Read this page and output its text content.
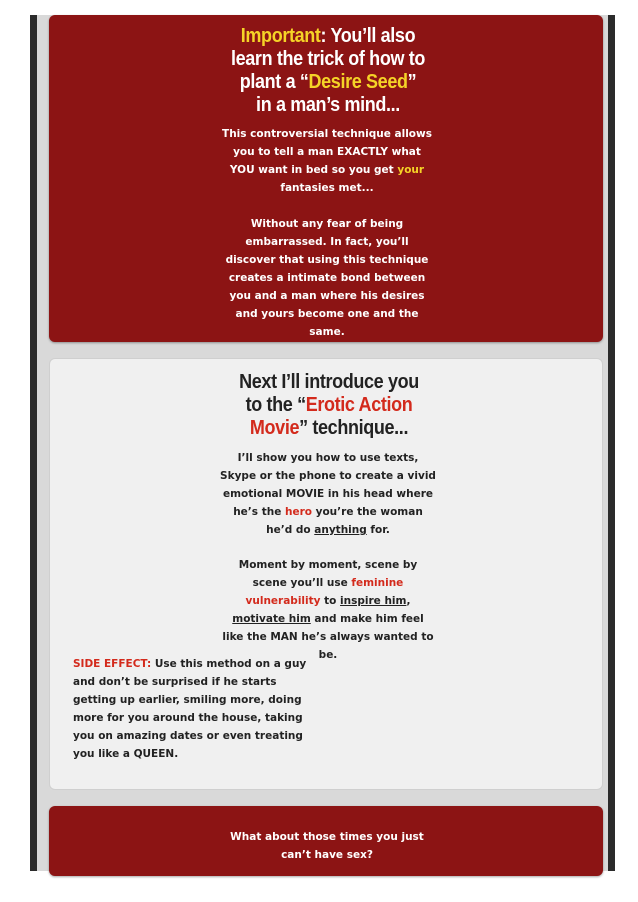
Important: You’ll also learn the trick of how to plant a “Desire Seed” in a man’s mind...

This controversial technique allows you to tell a man EXACTLY what YOU want in bed so you get your fantasies met...

Without any fear of being embarrassed. In fact, you’ll discover that using this technique creates a intimate bond between you and a man where his desires and yours become one and the same.

Next I’ll introduce you to the “Erotic Action Movie” technique...

I’ll show you how to use texts, Skype or the phone to create a vivid emotional MOVIE in his head where he’s the hero you’re the woman he’d do anything for.

Moment by moment, scene by scene you’ll use feminine vulnerability to inspire him, motivate him and make him feel like the MAN he’s always wanted to be.

SIDE EFFECT: Use this method on a guy and don’t be surprised if he starts getting up earlier, smiling more, doing more for you around the house, taking you on amazing dates or even treating you like a QUEEN.

What about those times you just can’t have sex?
